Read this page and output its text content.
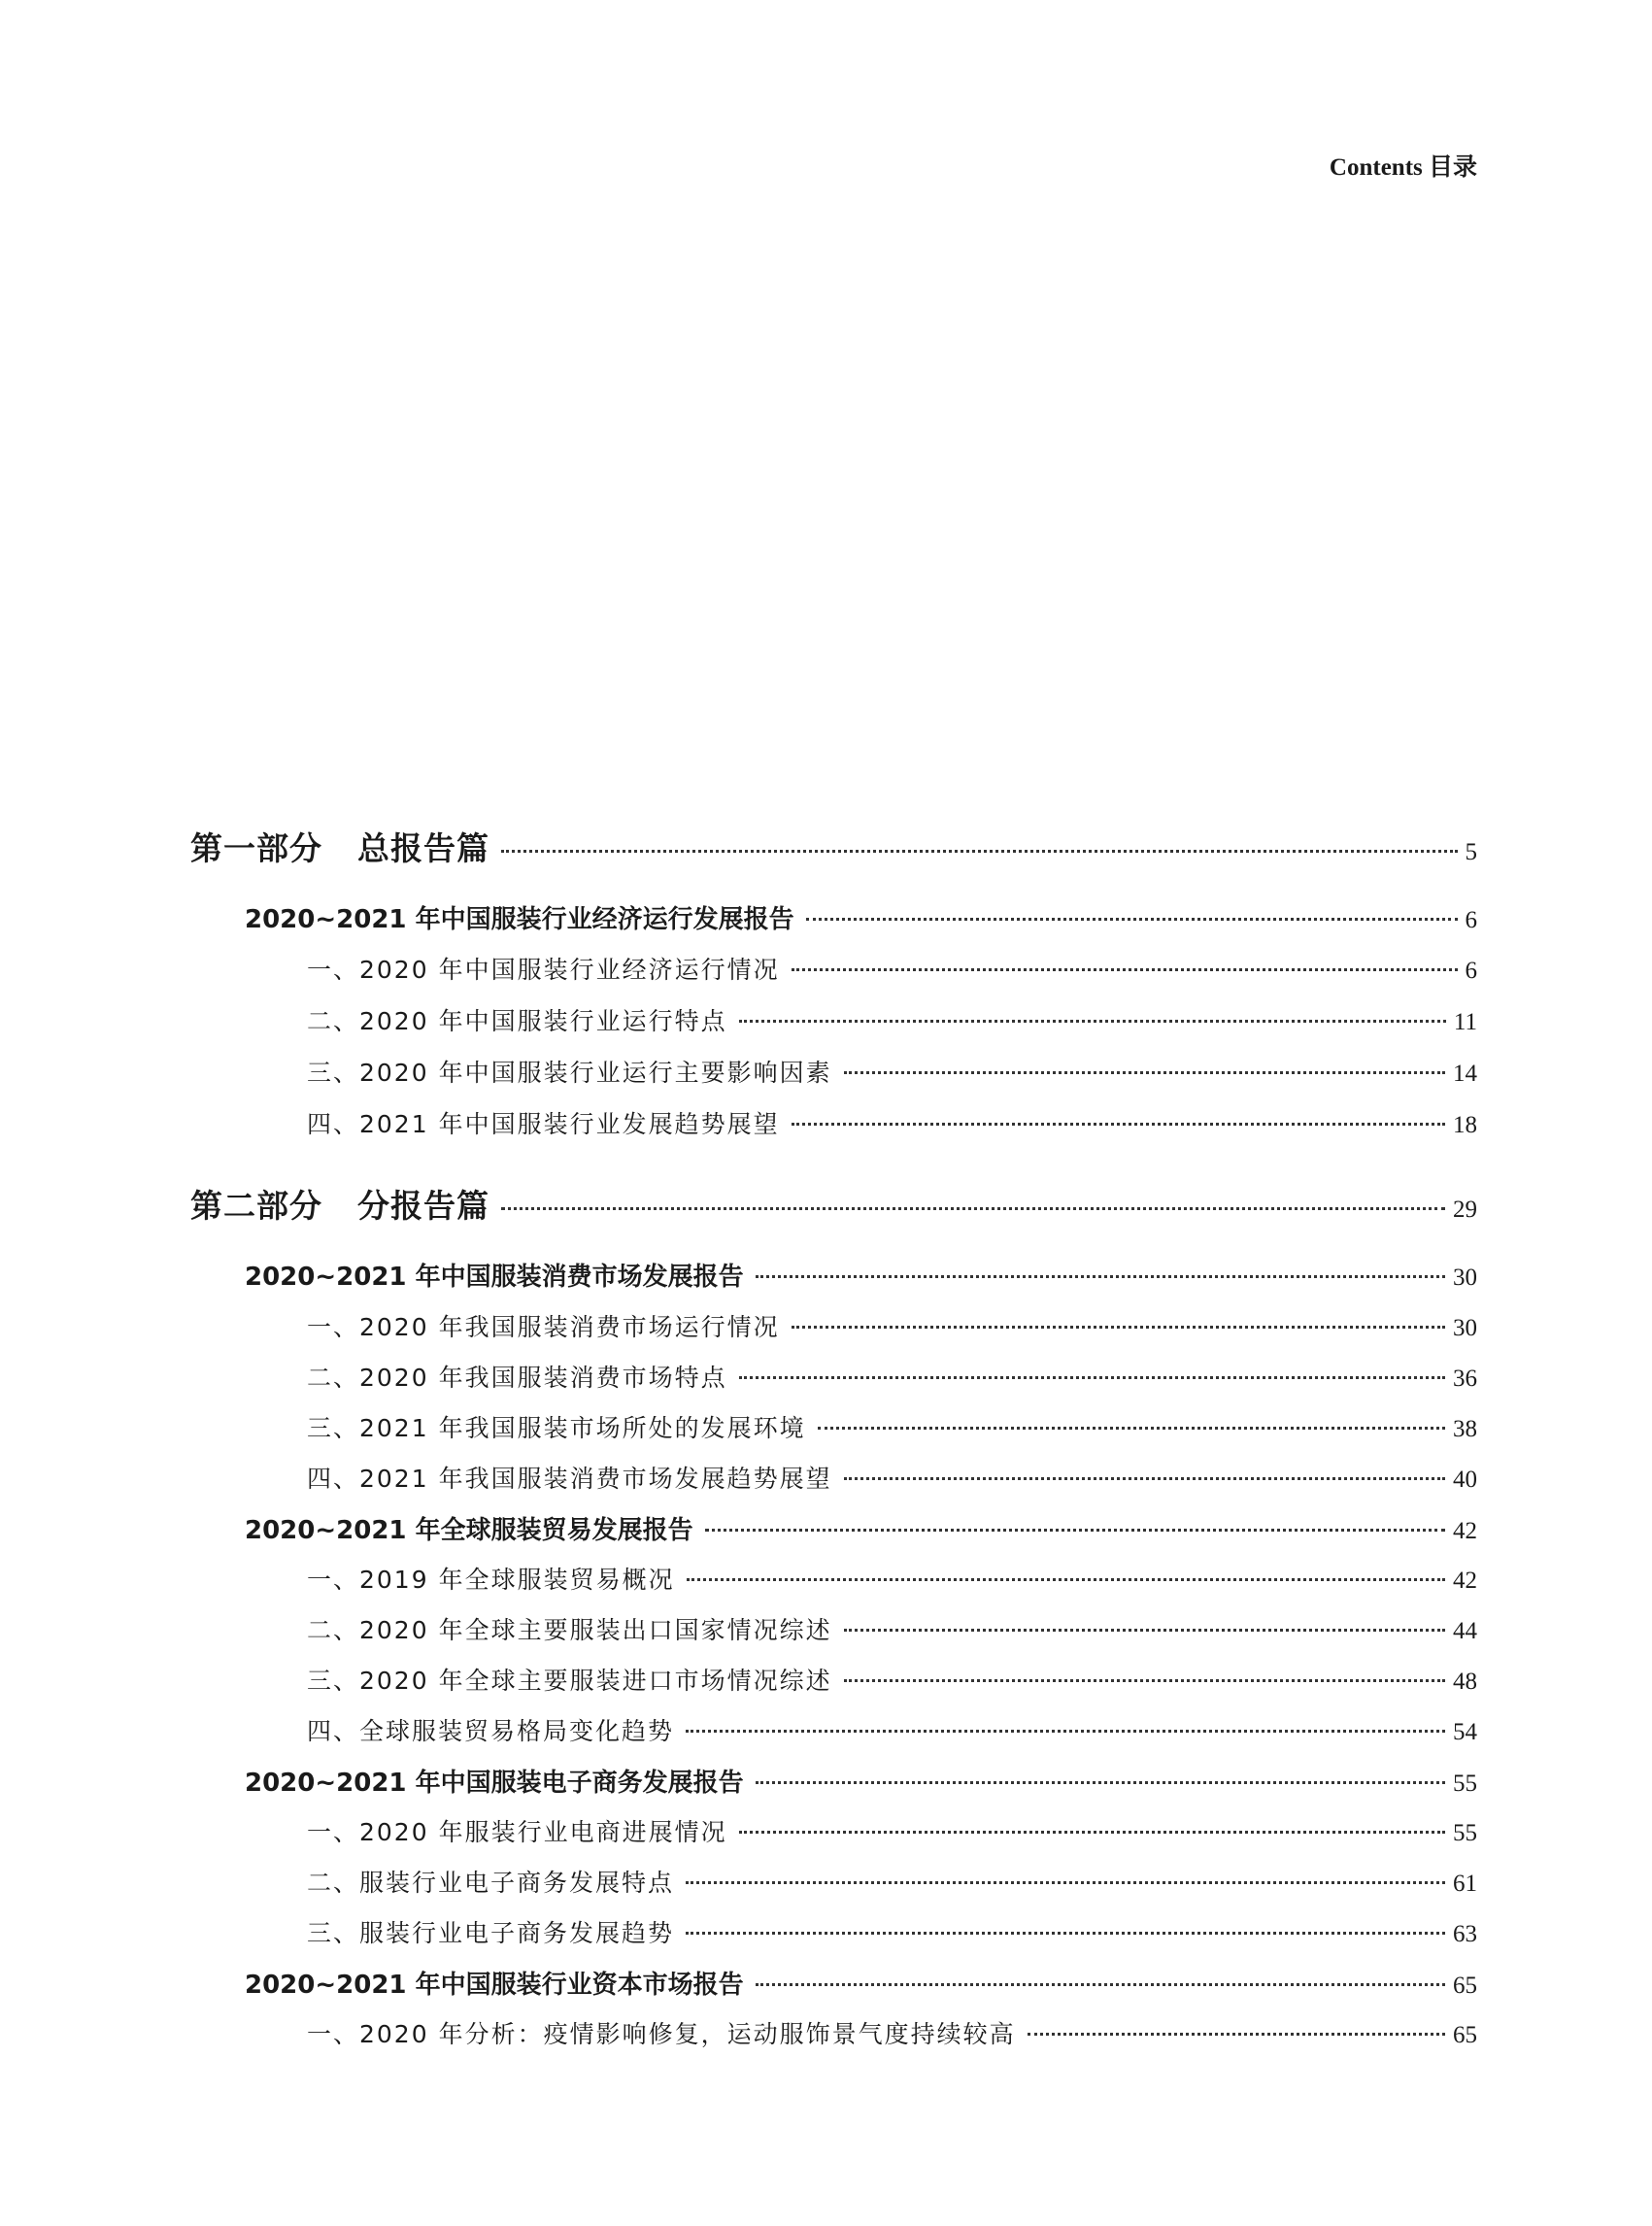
Contents 目录
第一部分 总报告篇	5
2020~2021 年中国服装行业经济运行发展报告	6
一、2020 年中国服装行业经济运行情况	6
二、2020 年中国服装行业运行特点	11
三、2020 年中国服装行业运行主要影响因素	14
四、2021 年中国服装行业发展趋势展望	18
第二部分 分报告篇	29
2020~2021 年中国服装消费市场发展报告	30
一、2020 年我国服装消费市场运行情况	30
二、2020 年我国服装消费市场特点	36
三、2021 年我国服装市场所处的发展环境	38
四、2021 年我国服装消费市场发展趋势展望	40
2020~2021 年全球服装贸易发展报告	42
一、2019 年全球服装贸易概况	42
二、2020 年全球主要服装出口国家情况综述	44
三、2020 年全球主要服装进口市场情况综述	48
四、全球服装贸易格局变化趋势	54
2020~2021 年中国服装电子商务发展报告	55
一、2020 年服装行业电商进展情况	55
二、服装行业电子商务发展特点	61
三、服装行业电子商务发展趋势	63
2020~2021 年中国服装行业资本市场报告	65
一、2020 年分析：疫情影响修复，运动服饰景气度持续较高	65
